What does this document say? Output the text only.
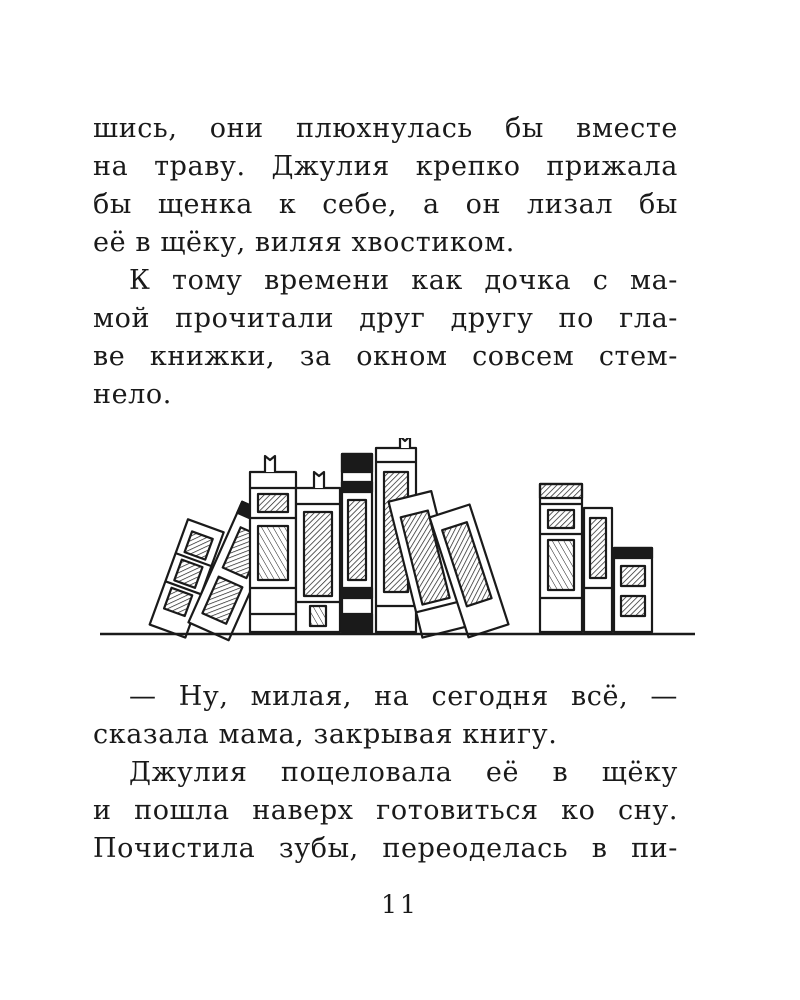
шись, они плюхнулась бы вместе
на траву. Джулия крепко прижала
бы щенка к себе, а он лизал бы
её в щёку, виляя хвостиком.
К тому времени как дочка с ма-
мой прочитали друг другу по гла-
ве книжки, за окном совсем стем-
нело.
— Ну, милая, на сегодня всё, —
сказала мама, закрывая книгу.
Джулия поцеловала её в щёку
и пошла наверх готовиться ко сну.
Почистила зубы, переоделась в пи-
11
